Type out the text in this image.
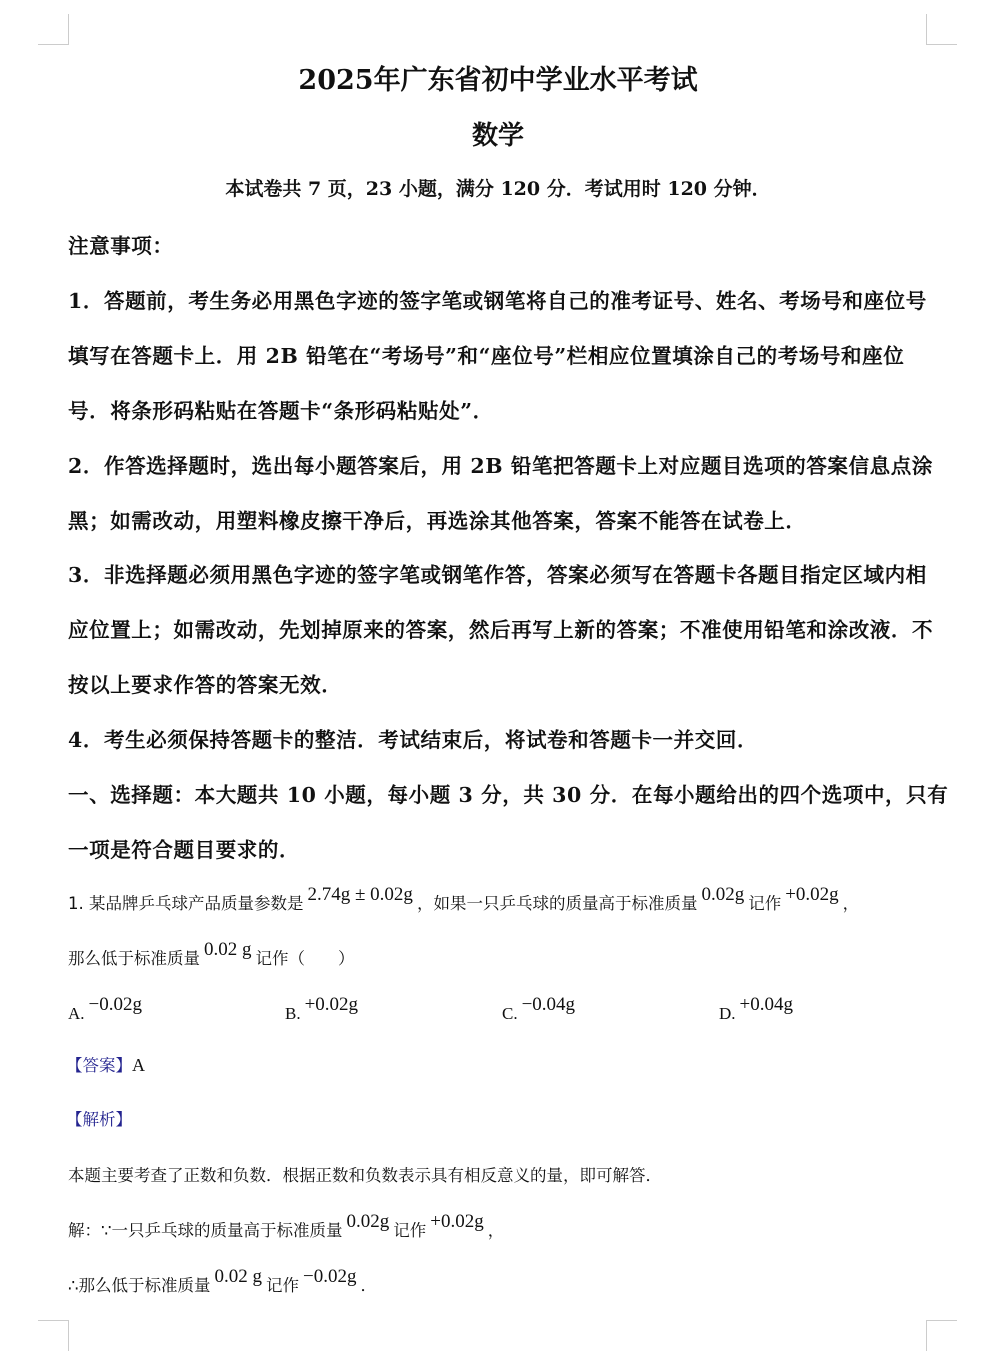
2025年广东省初中学业水平考试
数学
本试卷共 7 页，23 小题，满分 120 分．考试用时 120 分钟．
注意事项：
1．答题前，考生务必用黑色字迹的签字笔或钢笔将自己的准考证号、姓名、考场号和座位号
填写在答题卡上．用 2B 铅笔在“考场号”和“座位号”栏相应位置填涂自己的考场号和座位
号．将条形码粘贴在答题卡“条形码粘贴处”．
2．作答选择题时，选出每小题答案后，用 2B 铅笔把答题卡上对应题目选项的答案信息点涂
黑；如需改动，用塑料橡皮擦干净后，再选涂其他答案，答案不能答在试卷上．
3．非选择题必须用黑色字迹的签字笔或钢笔作答，答案必须写在答题卡各题目指定区域内相
应位置上；如需改动，先划掉原来的答案，然后再写上新的答案；不准使用铅笔和涂改液．不
按以上要求作答的答案无效．
4．考生必须保持答题卡的整洁．考试结束后，将试卷和答题卡一并交回．
一、选择题：本大题共 10 小题，每小题 3 分，共 30 分．在每小题给出的四个选项中，只有
一项是符合题目要求的．
1. 某品牌乒乓球产品质量参数是 2.74g ± 0.02g ，如果一只乒乓球的质量高于标准质量 0.02g 记作 +0.02g ，
那么低于标准质量 0.02 g 记作（　　）
A. −0.02g	B. +0.02g	C. −0.04g	D. +0.04g
【答案】A
【解析】
本题主要考查了正数和负数．根据正数和负数表示具有相反意义的量，即可解答．
解：∵一只乒乓球的质量高于标准质量 0.02g 记作 +0.02g ，
∴那么低于标准质量 0.02 g 记作 −0.02g ．
